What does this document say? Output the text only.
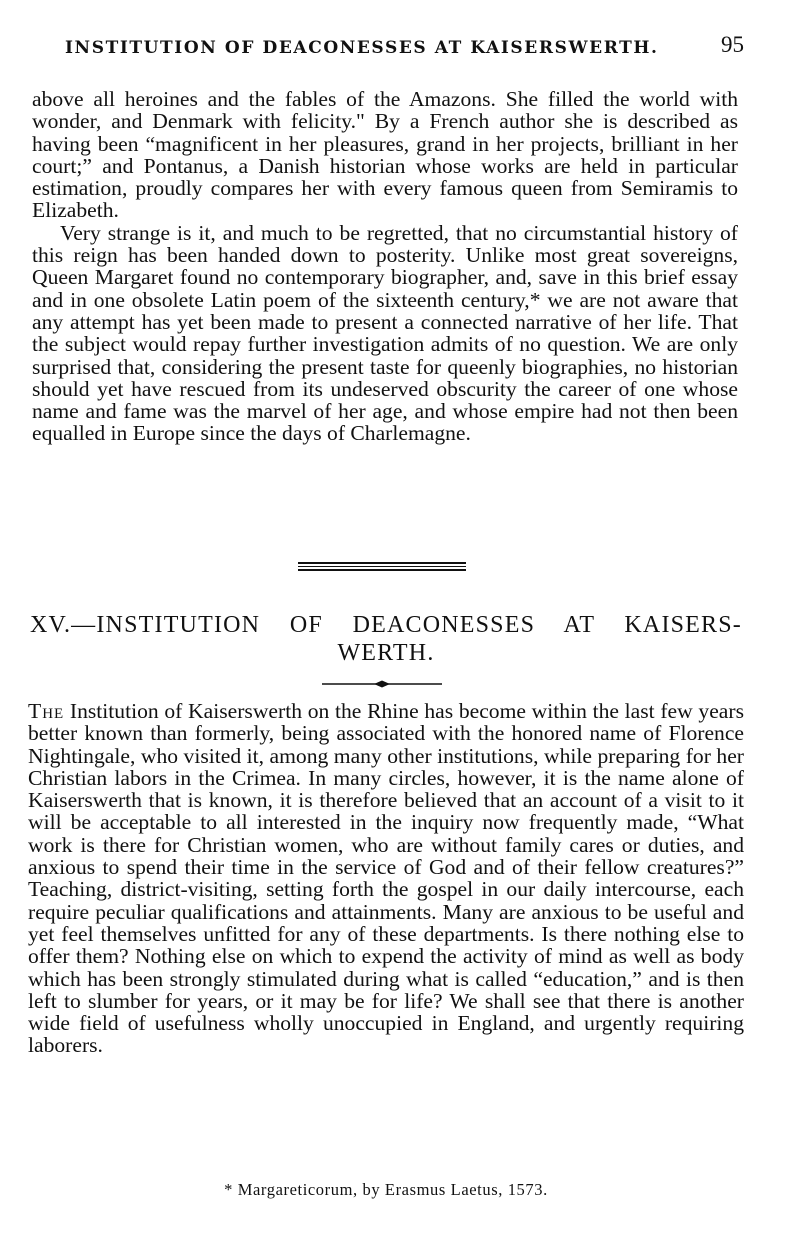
INSTITUTION OF DEACONESSES AT KAISERSWERTH.	95

above all heroines and the fables of the Amazons. She filled the world with wonder, and Denmark with felicity." By a French author she is described as having been “magnificent in her pleasures, grand in her projects, brilliant in her court;” and Pontanus, a Danish historian whose works are held in particular estimation, proudly compares her with every famous queen from Semiramis to Elizabeth.

Very strange is it, and much to be regretted, that no circumstantial history of this reign has been handed down to posterity. Unlike most great sovereigns, Queen Margaret found no contemporary biographer, and, save in this brief essay and in one obsolete Latin poem of the sixteenth century,* we are not aware that any attempt has yet been made to present a connected narrative of her life. That the subject would repay further investigation admits of no question. We are only surprised that, considering the present taste for queenly biographies, no historian should yet have rescued from its undeserved obscurity the career of one whose name and fame was the marvel of her age, and whose empire had not then been equalled in Europe since the days of Charlemagne.

XV.—INSTITUTION OF DEACONESSES AT KAISERS-
WERTH.

The Institution of Kaiserswerth on the Rhine has become within the last few years better known than formerly, being associated with the honored name of Florence Nightingale, who visited it, among many other institutions, while preparing for her Christian labors in the Crimea. In many circles, however, it is the name alone of Kaiserswerth that is known, it is therefore believed that an account of a visit to it will be acceptable to all interested in the inquiry now frequently made, “What work is there for Christian women, who are without family cares or duties, and anxious to spend their time in the service of God and of their fellow creatures?” Teaching, district-visiting, setting forth the gospel in our daily intercourse, each require peculiar qualifications and attainments. Many are anxious to be useful and yet feel themselves unfitted for any of these departments. Is there nothing else to offer them? Nothing else on which to expend the activity of mind as well as body which has been strongly stimulated during what is called “education,” and is then left to slumber for years, or it may be for life? We shall see that there is another wide field of usefulness wholly unoccupied in England, and urgently requiring laborers.

* Margareticorum, by Erasmus Laetus, 1573.
